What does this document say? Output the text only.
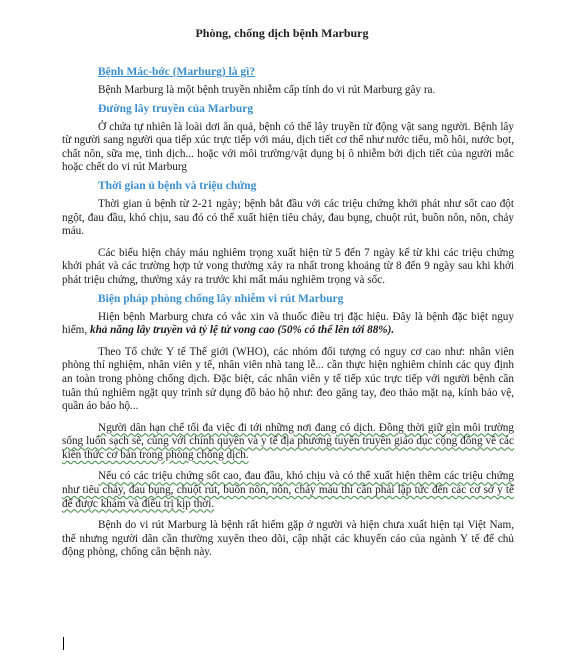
Phòng, chống dịch bệnh Marburg

Bệnh Mác-bớc (Marburg) là gì?

Bệnh Marburg là một bệnh truyền nhiễm cấp tính do vi rút Marburg gây ra.

Đường lây truyền của Marburg

Ở chứa tự nhiên là loài dơi ăn quả, bệnh có thể lây truyền từ động vật sang người. Bệnh lây từ người sang người qua tiếp xúc trực tiếp với máu, dịch tiết cơ thể như nước tiểu, mồ hôi, nước bọt, chất nôn, sữa mẹ, tinh dịch... hoặc với môi trường/vật dụng bị ô nhiễm bởi dịch tiết của người mắc hoặc chết do vi rút Marburg

Thời gian ủ bệnh và triệu chứng

Thời gian ủ bệnh từ 2-21 ngày; bệnh bắt đầu với các triệu chứng khởi phát như sốt cao đột ngột, đau đầu, khó chịu, sau đó có thể xuất hiện tiêu chảy, đau bụng, chuột rút, buồn nôn, nôn, chảy máu.

Các biểu hiện chảy máu nghiêm trọng xuất hiện từ 5 đến 7 ngày kể từ khi các triệu chứng khởi phát và các trường hợp tử vong thường xảy ra nhất trong khoảng từ 8 đến 9 ngày sau khi khởi phát triệu chứng, thường xảy ra trước khi mất máu nghiêm trọng và sốc.

Biện pháp phòng chống lây nhiễm vi rút Marburg

Hiện bệnh Marburg chưa có vắc xin và thuốc điều trị đặc hiệu. Đây là bệnh đặc biệt nguy hiểm, khả năng lây truyền và tỷ lệ tử vong cao (50% có thể lên tới 88%).

Theo Tổ chức Y tế Thế giới (WHO), các nhóm đối tượng có nguy cơ cao như: nhân viên phòng thí nghiệm, nhân viên y tế, nhân viên nhà tang lễ... cần thực hiện nghiêm chỉnh các quy định an toàn trong phòng chống dịch. Đặc biệt, các nhân viên y tế tiếp xúc trực tiếp với người bệnh cần tuân thủ nghiêm ngặt quy trình sử dụng đồ bảo hộ như: đeo găng tay, đeo thảo mặt nạ, kính bảo vệ, quần áo bảo hộ...

Người dân hạn chế tối đa việc đi tới những nơi đang có dịch. Đồng thời giữ gìn môi trường sống luôn sạch sẽ, cùng với chính quyền và y tế địa phương tuyên truyền giáo dục cộng đồng về các kiến thức cơ bản trong phòng chống dịch.

Nếu có các triệu chứng sốt cao, đau đầu, khó chịu và có thể xuất hiện thêm các triệu chứng như tiêu chảy, đau bụng, chuột rút, buồn nôn, nôn, chảy máu thì cần phải lập tức đến các cơ sở y tế để được khám và điều trị kịp thời.

Bệnh do vi rút Marburg là bệnh rất hiếm gặp ở người và hiện chưa xuất hiện tại Việt Nam, thế nhưng người dân cần thường xuyên theo dõi, cập nhật các khuyến cáo của ngành Y tế để chủ động phòng, chống căn bệnh này.
